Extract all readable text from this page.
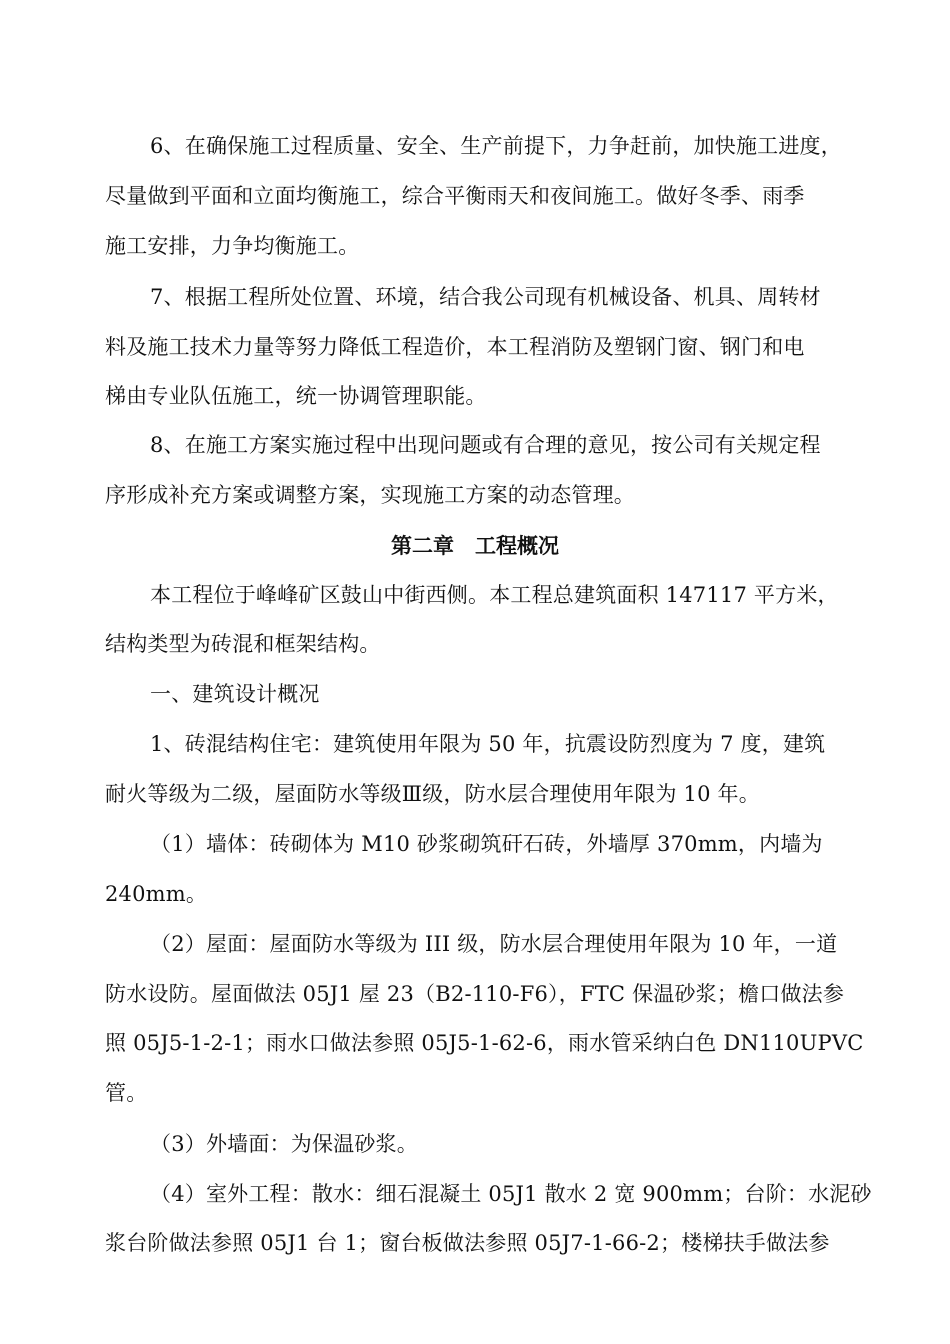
6、在确保施工过程质量、安全、生产前提下，力争赶前，加快施工进度，
尽量做到平面和立面均衡施工，综合平衡雨天和夜间施工。做好冬季、雨季
施工安排，力争均衡施工。
7、根据工程所处位置、环境，结合我公司现有机械设备、机具、周转材
料及施工技术力量等努力降低工程造价，本工程消防及塑钢门窗、钢门和电
梯由专业队伍施工，统一协调管理职能。
8、在施工方案实施过程中出现问题或有合理的意见，按公司有关规定程
序形成补充方案或调整方案，实现施工方案的动态管理。
第二章　工程概况
本工程位于峰峰矿区鼓山中街西侧。本工程总建筑面积 147117 平方米，
结构类型为砖混和框架结构。
一、建筑设计概况
1、砖混结构住宅：建筑使用年限为 50 年，抗震设防烈度为 7 度，建筑
耐火等级为二级，屋面防水等级Ⅲ级，防水层合理使用年限为 10 年。
（1）墙体：砖砌体为 M10 砂浆砌筑矸石砖，外墙厚 370mm，内墙为
240mm。
（2）屋面：屋面防水等级为 III 级，防水层合理使用年限为 10 年，一道
防水设防。屋面做法 05J1 屋 23（B2-110-F6），FTC 保温砂浆；檐口做法参
照 05J5-1-2-1；雨水口做法参照 05J5-1-62-6，雨水管采纳白色 DN110UPVC
管。
（3）外墙面：为保温砂浆。
（4）室外工程：散水：细石混凝土 05J1 散水 2 宽 900mm；台阶：水泥砂
浆台阶做法参照 05J1 台 1；窗台板做法参照 05J7-1-66-2；楼梯扶手做法参
